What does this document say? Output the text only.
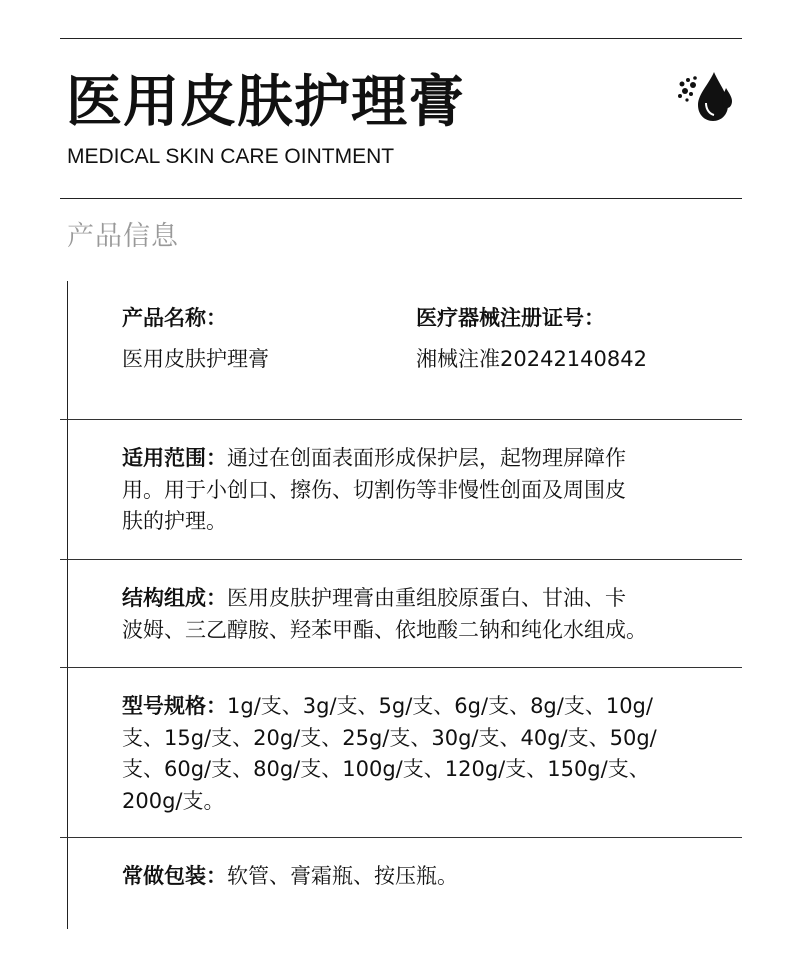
医用皮肤护理膏
MEDICAL SKIN CARE OINTMENT
产品信息
产品名称：
医用皮肤护理膏
医疗器械注册证号：
湘械注准20242140842
适用范围：通过在创面表面形成保护层，起物理屏障作
用。用于小创口、擦伤、切割伤等非慢性创面及周围皮
肤的护理。
结构组成：医用皮肤护理膏由重组胶原蛋白、甘油、卡
波姆、三乙醇胺、羟苯甲酯、依地酸二钠和纯化水组成。
型号规格：1g/支、3g/支、5g/支、6g/支、8g/支、10g/
支、15g/支、20g/支、25g/支、30g/支、40g/支、50g/
支、60g/支、80g/支、100g/支、120g/支、150g/支、
200g/支。
常做包装：软管、膏霜瓶、按压瓶。
